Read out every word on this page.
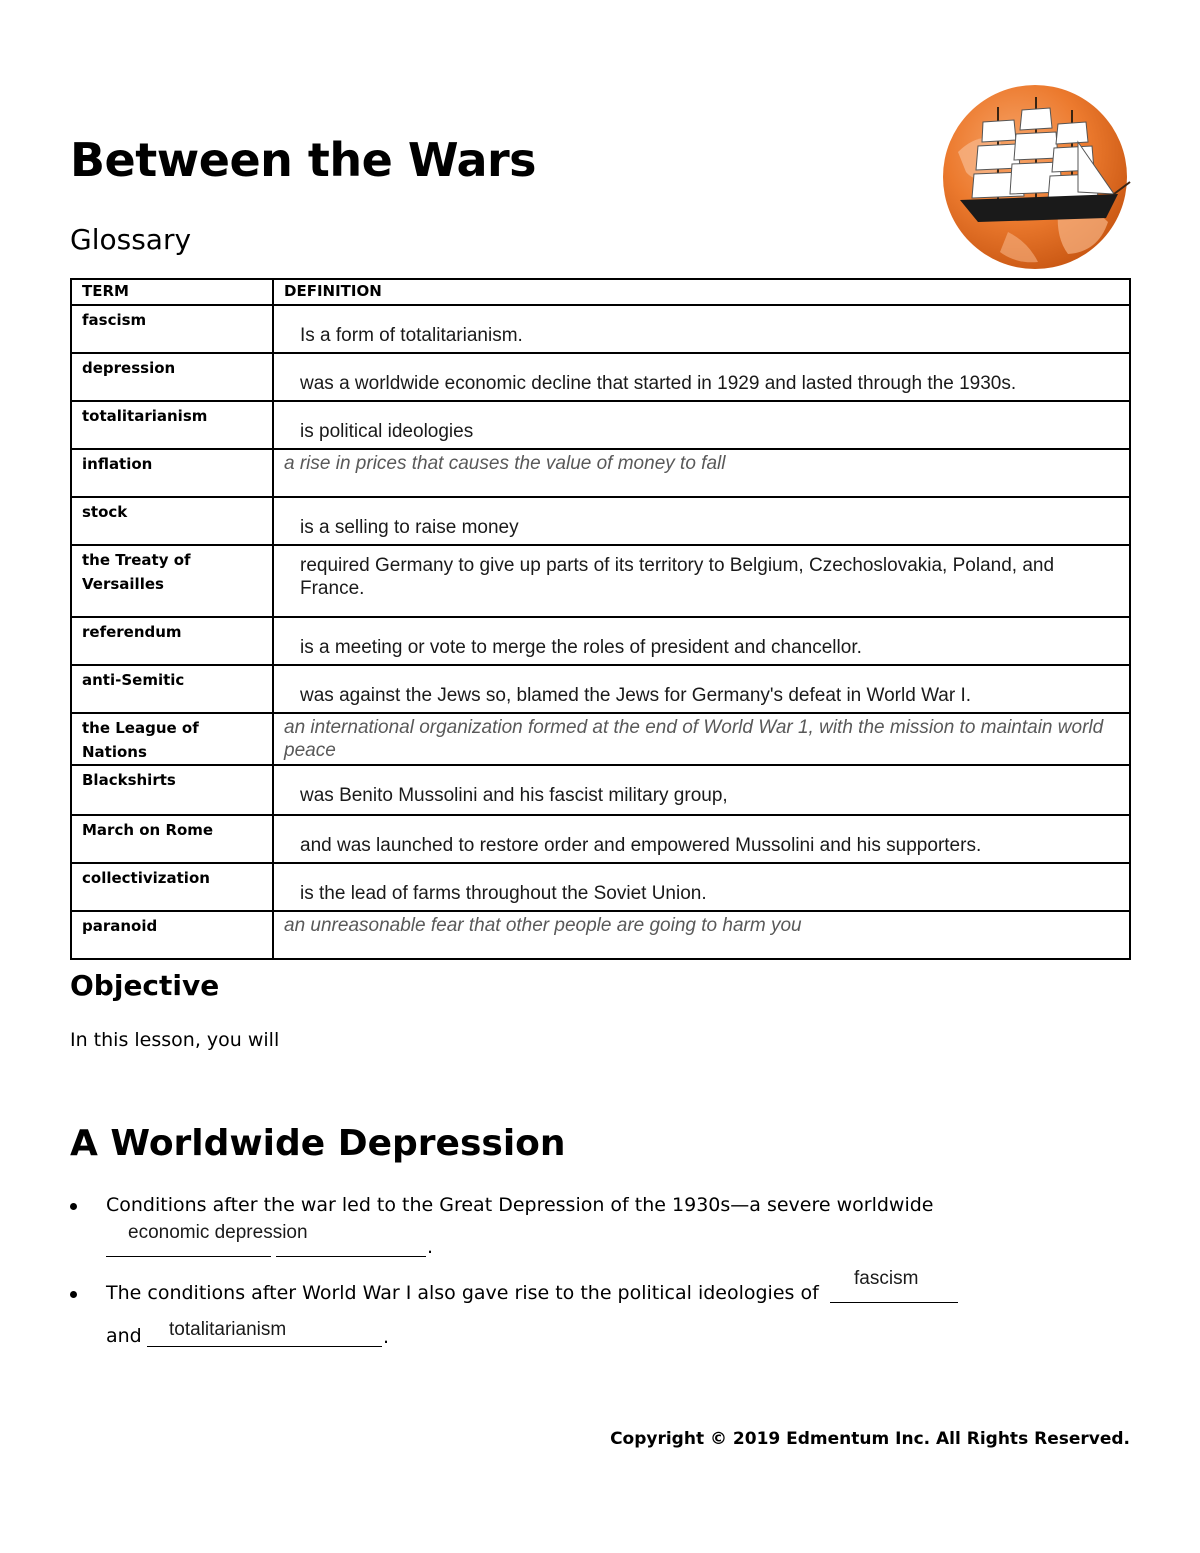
Between the Wars
Glossary
TERM	DEFINITION
fascism	Is a form of totalitarianism.

depression	was a worldwide economic decline that started in 1929 and lasted through the 1930s.

totalitarianism	is political ideologies

inflation	a rise in prices that causes the value of money to fall

stock	is a selling to raise money

the Treaty of Versailles	required Germany to give up parts of its territory to Belgium, Czechoslovakia, Poland, and France.

referendum	is a meeting or vote to merge the roles of president and chancellor.

anti-Semitic	was against the Jews so, blamed the Jews for Germany's defeat in World War I.

the League of Nations	an international organization formed at the end of World War 1, with the mission to maintain world peace

Blackshirts	was Benito Mussolini and his fascist military group,

March on Rome	and was launched to restore order and empowered Mussolini and his supporters.

collectivization	is the lead of farms throughout the Soviet Union.

paranoid	an unreasonable fear that other people are going to harm you
Objective

In this lesson, you will

A Worldwide Depression
Conditions after the war led to the Great Depression of the 1930s—a severe worldwide
economic depression
.
The conditions after World War I also gave rise to the political ideologies of
fascism
and totalitarianism	.

Copyright © 2019 Edmentum Inc. All Rights Reserved.
